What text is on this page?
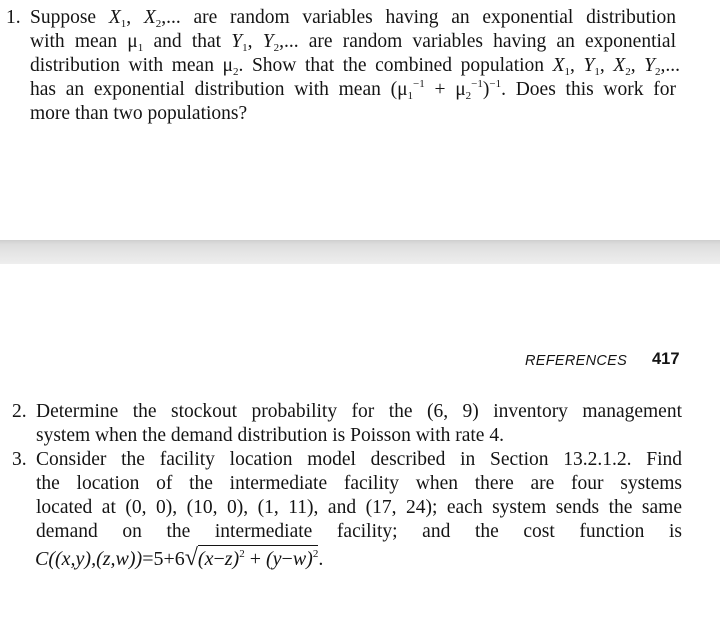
1. Suppose $X_1$, $X_2$,... are random variables having an exponential distribution
with mean $\mu_1$ and that $Y_1$, $Y_2$,... are random variables having an exponential
distribution with mean $\mu_2$. Show that the combined population $X_1$, $Y_1$, $X_2$, $Y_2$,...
has an exponential distribution with mean $(\mu_1^{-1} + \mu_2^{-1})^{-1}$. Does this work for
more than two populations?
REFERENCES 417
2. Determine the stockout probability for the (6, 9) inventory management
system when the demand distribution is Poisson with rate 4.
3. Consider the facility location model described in Section 13.2.1.2. Find
the location of the intermediate facility when there are four systems
located at (0, 0), (10, 0), (1, 11), and (17, 24); each system sends the same
demand on the intermediate facility; and the cost function is
$C((x,y),(z,w))=5+6√(x-z)^2 + (y-w)^2$.
